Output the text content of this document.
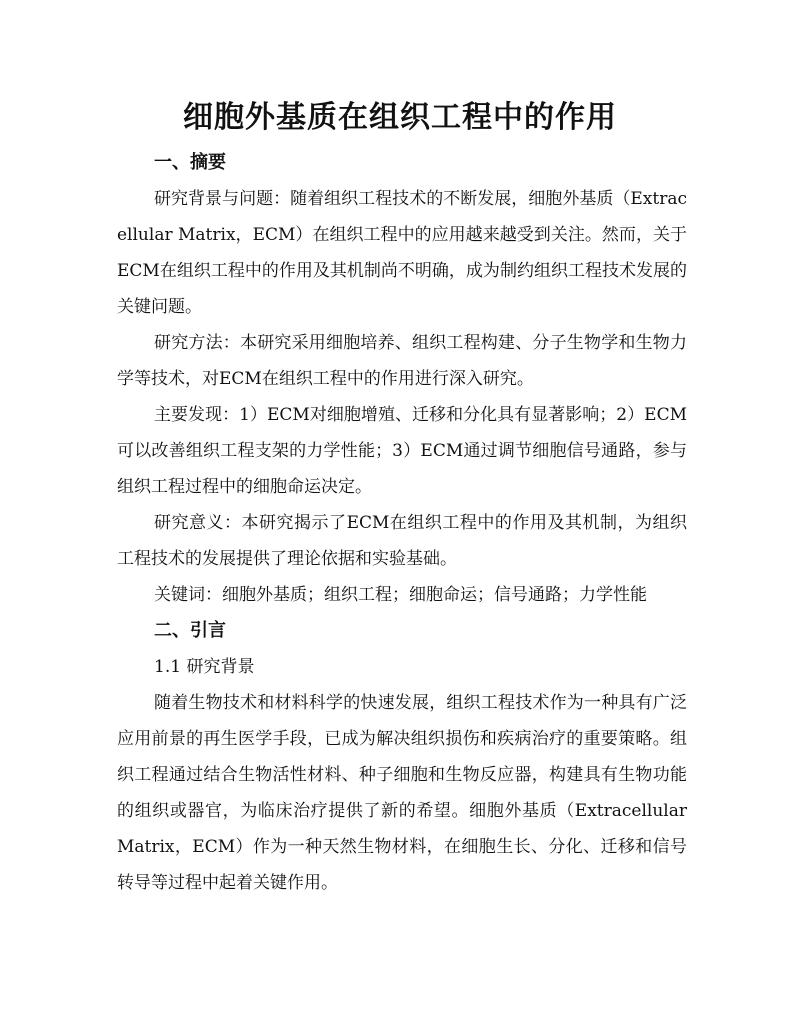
细胞外基质在组织工程中的作用
一、摘要

研究背景与问题：随着组织工程技术的不断发展，细胞外基质（Extracellular Matrix，ECM）在组织工程中的应用越来越受到关注。然而，关于ECM在组织工程中的作用及其机制尚不明确，成为制约组织工程技术发展的关键问题。

研究方法：本研究采用细胞培养、组织工程构建、分子生物学和生物力学等技术，对ECM在组织工程中的作用进行深入研究。

主要发现：1）ECM对细胞增殖、迁移和分化具有显著影响；2）ECM可以改善组织工程支架的力学性能；3）ECM通过调节细胞信号通路，参与组织工程过程中的细胞命运决定。

研究意义：本研究揭示了ECM在组织工程中的作用及其机制，为组织工程技术的发展提供了理论依据和实验基础。

关键词：细胞外基质；组织工程；细胞命运；信号通路；力学性能

二、引言
1.1 研究背景

随着生物技术和材料科学的快速发展，组织工程技术作为一种具有广泛应用前景的再生医学手段，已成为解决组织损伤和疾病治疗的重要策略。组织工程通过结合生物活性材料、种子细胞和生物反应器，构建具有生物功能的组织或器官，为临床治疗提供了新的希望。细胞外基质（Extracellular Matrix，ECM）作为一种天然生物材料，在细胞生长、分化、迁移和信号转导等过程中起着关键作用。
